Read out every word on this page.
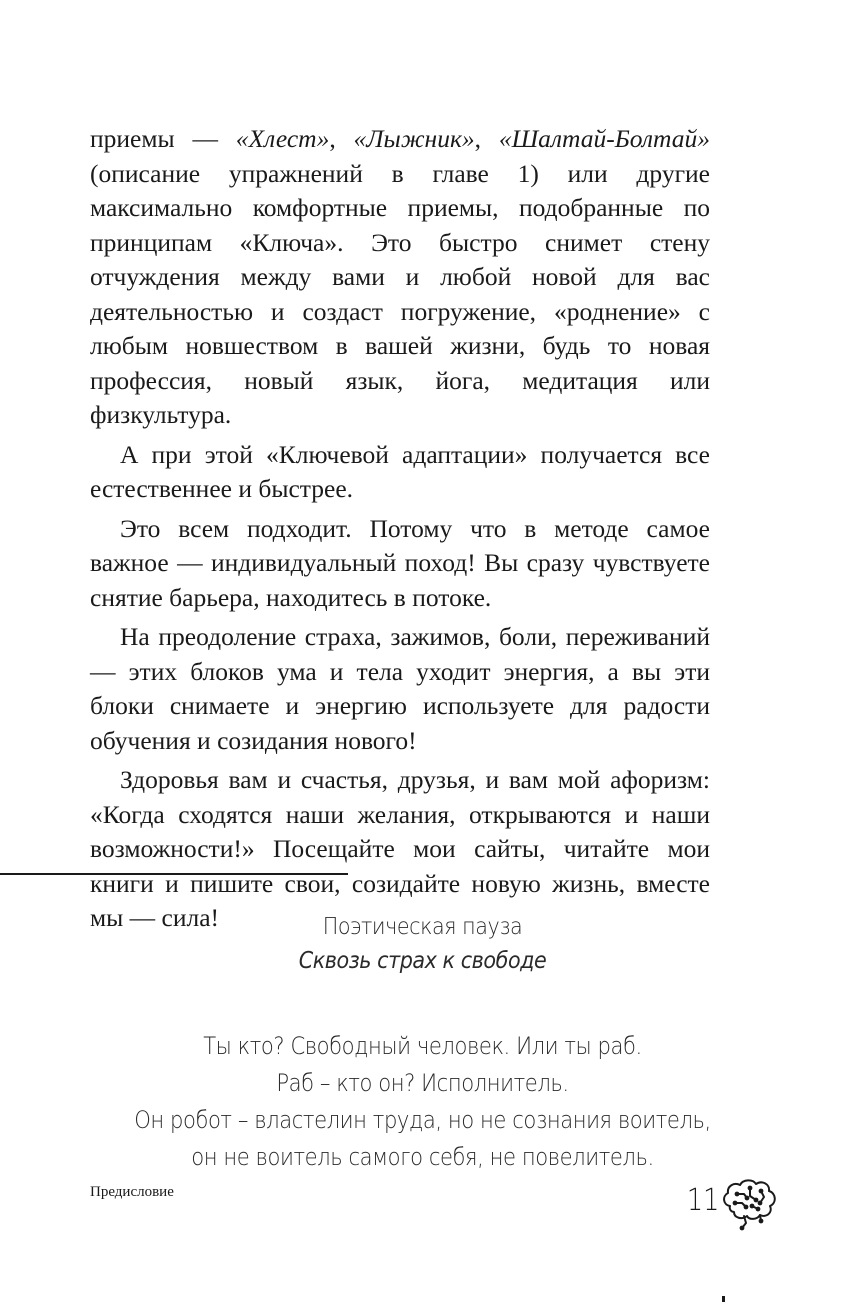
приемы — «Хлест», «Лыжник», «Шалтай-Болтай» (описание упражнений в главе 1) или другие максимально комфортные приемы, подобранные по принципам «Ключа». Это быстро снимет стену отчуждения между вами и любой новой для вас деятельностью и создаст погружение, «роднение» с любым новшеством в вашей жизни, будь то новая профессия, новый язык, йога, медитация или физкультура.

А при этой «Ключевой адаптации» получается все естественнее и быстрее.

Это всем подходит. Потому что в методе самое важное — индивидуальный поход! Вы сразу чувствуете снятие барьера, находитесь в потоке.

На преодоление страха, зажимов, боли, переживаний — этих блоков ума и тела уходит энергия, а вы эти блоки снимаете и энергию используете для радости обучения и созидания нового!

Здоровья вам и счастья, друзья, и вам мой афоризм: «Когда сходятся наши желания, открываются и наши возможности!» Посещайте мои сайты, читайте мои книги и пишите свои, созидайте новую жизнь, вместе мы — сила!	Поэтическая пауза
Сквозь страх к свободе
Ты кто? Свободный человек. Или ты раб.
Раб – кто он? Исполнитель.
Он робот – властелин труда, но не сознания воитель,
он не воитель самого себя, не повелитель.
Предисловие	11
